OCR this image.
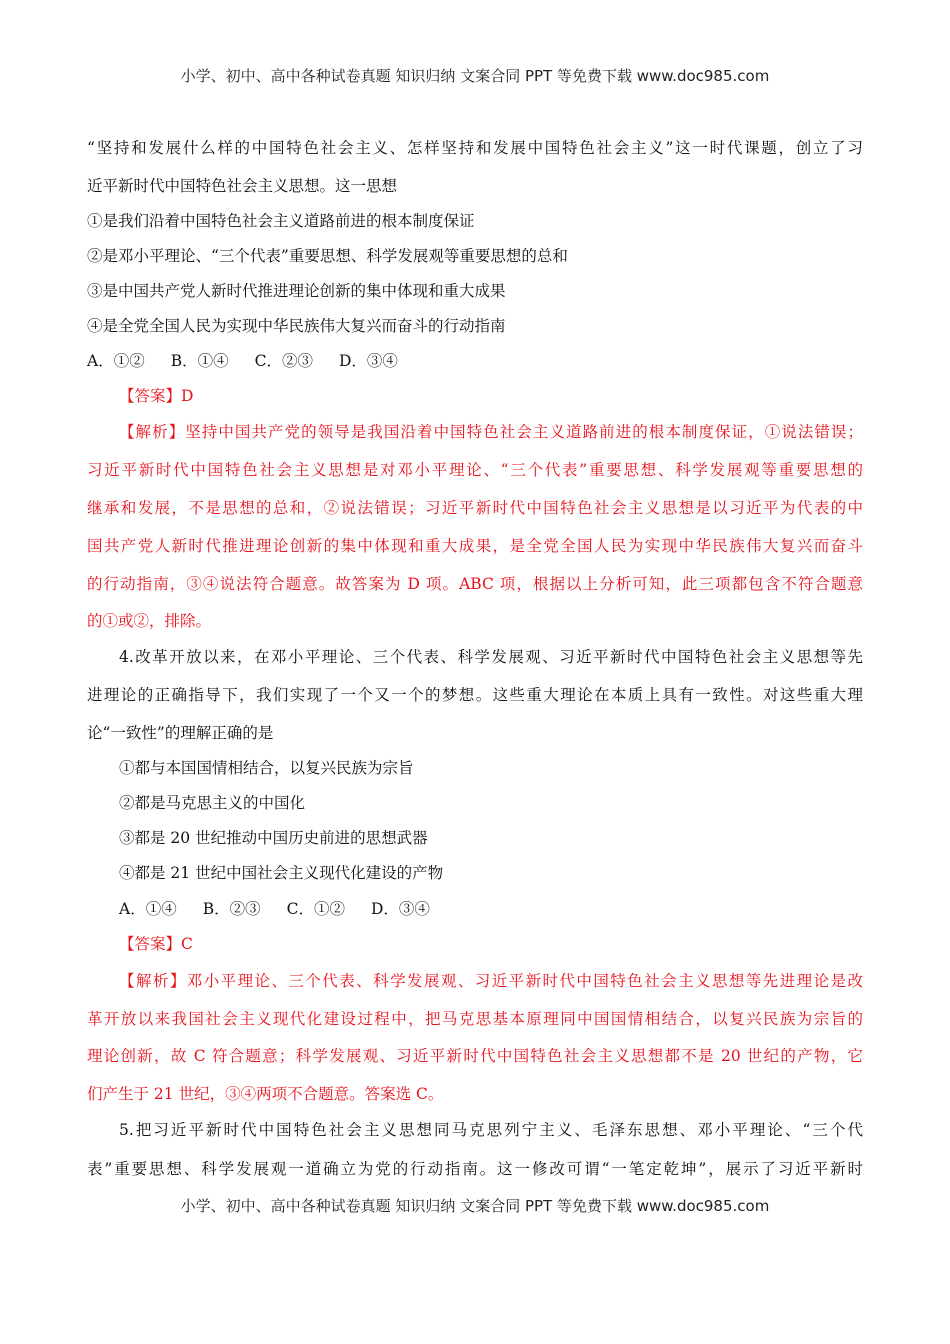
小学、初中、高中各种试卷真题 知识归纳 文案合同 PPT 等免费下载 www.doc985.com
“坚持和发展什么样的中国特色社会主义、怎样坚持和发展中国特色社会主义”这一时代课题，创立了习
近平新时代中国特色社会主义思想。这一思想
①是我们沿着中国特色社会主义道路前进的根本制度保证
②是邓小平理论、“三个代表”重要思想、科学发展观等重要思想的总和
③是中国共产党人新时代推进理论创新的集中体现和重大成果
④是全党全国人民为实现中华民族伟大复兴而奋斗的行动指南
A．①② B．①④ C．②③ D．③④
【答案】D
【解析】坚持中国共产党的领导是我国沿着中国特色社会主义道路前进的根本制度保证，①说法错误；
习近平新时代中国特色社会主义思想是对邓小平理论、“三个代表”重要思想、科学发展观等重要思想的
继承和发展，不是思想的总和，②说法错误；习近平新时代中国特色社会主义思想是以习近平为代表的中
国共产党人新时代推进理论创新的集中体现和重大成果，是全党全国人民为实现中华民族伟大复兴而奋斗
的行动指南，③④说法符合题意。故答案为 D 项。ABC 项，根据以上分析可知，此三项都包含不符合题意
的①或②，排除。
4.改革开放以来，在邓小平理论、三个代表、科学发展观、习近平新时代中国特色社会主义思想等先
进理论的正确指导下，我们实现了一个又一个的梦想。这些重大理论在本质上具有一致性。对这些重大理
论“一致性”的理解正确的是
①都与本国国情相结合，以复兴民族为宗旨
②都是马克思主义的中国化
③都是 20 世纪推动中国历史前进的思想武器
④都是 21 世纪中国社会主义现代化建设的产物
A．①④ B．②③ C．①② D．③④
【答案】C
【解析】邓小平理论、三个代表、科学发展观、习近平新时代中国特色社会主义思想等先进理论是改
革开放以来我国社会主义现代化建设过程中，把马克思基本原理同中国国情相结合，以复兴民族为宗旨的
理论创新，故 C 符合题意；科学发展观、习近平新时代中国特色社会主义思想都不是 20 世纪的产物，它
们产生于 21 世纪，③④两项不合题意。答案选 C。
5.把习近平新时代中国特色社会主义思想同马克思列宁主义、毛泽东思想、邓小平理论、“三个代
表”重要思想、科学发展观一道确立为党的行动指南。这一修改可谓“一笔定乾坤”，展示了习近平新时
小学、初中、高中各种试卷真题 知识归纳 文案合同 PPT 等免费下载 www.doc985.com
